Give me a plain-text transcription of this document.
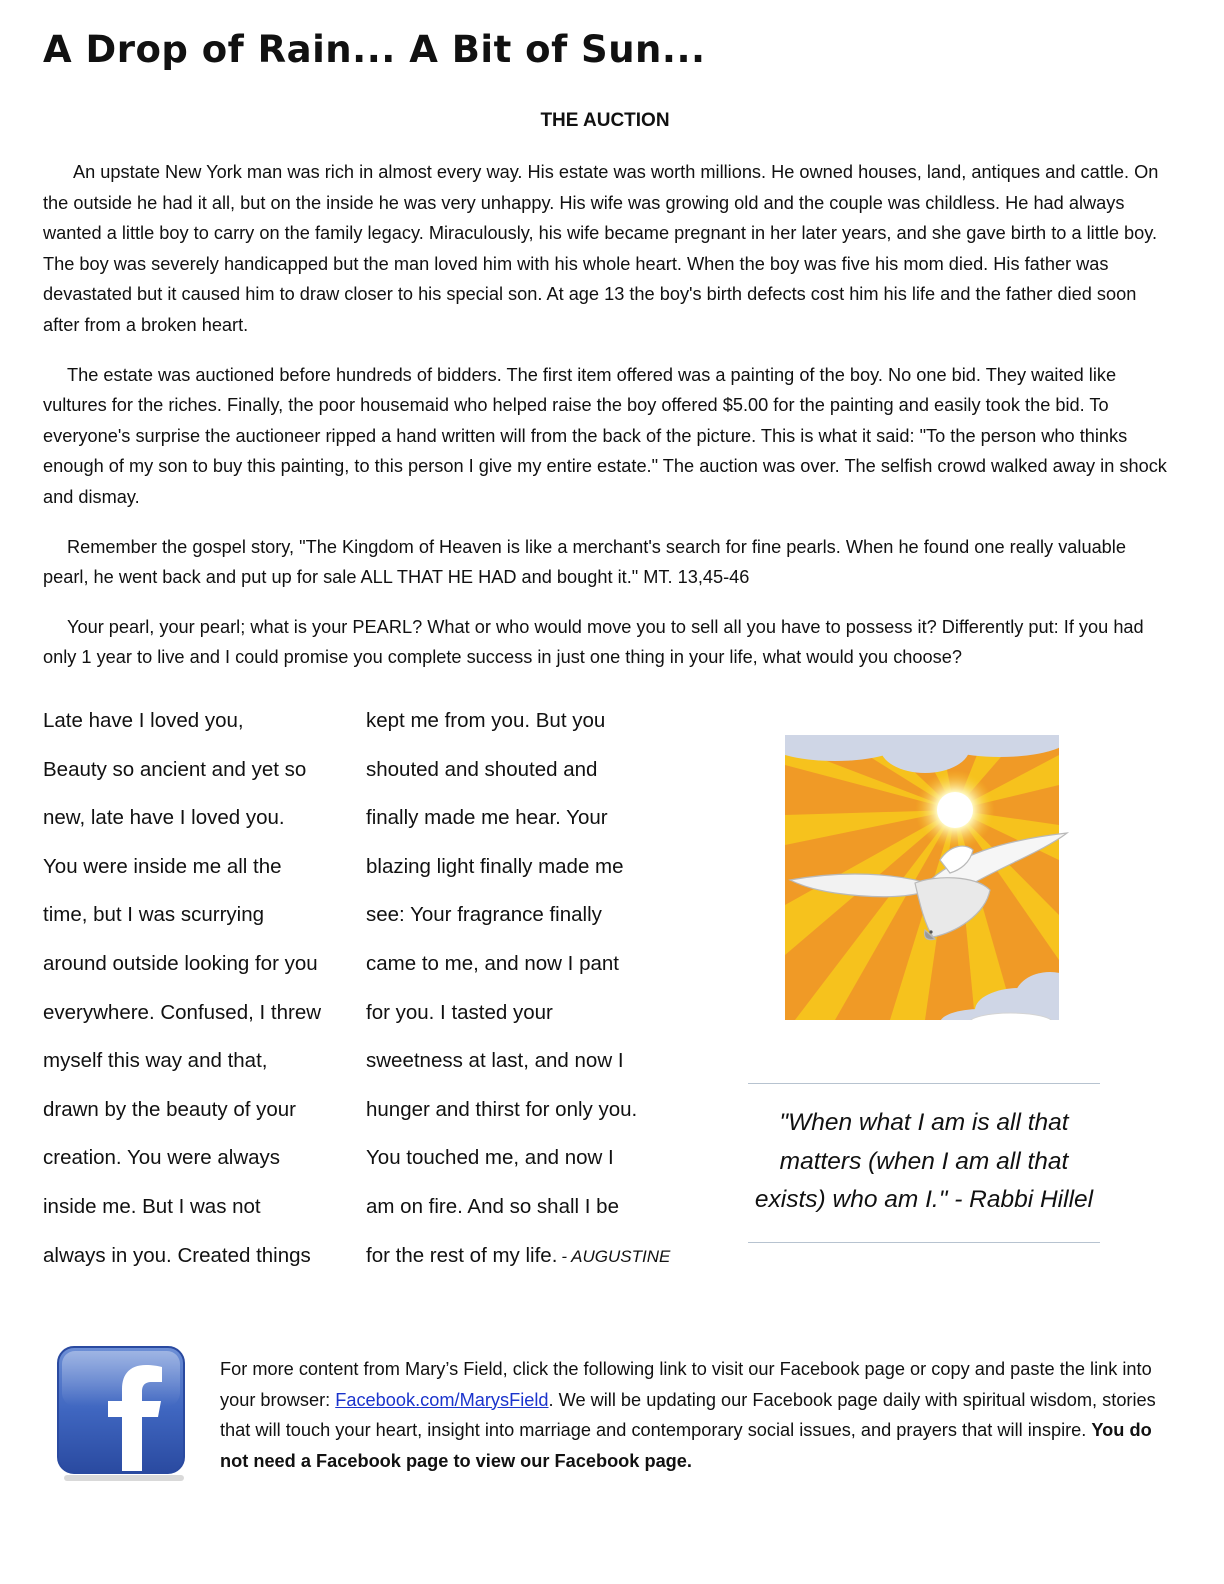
A Drop of Rain... A Bit of Sun...
THE AUCTION

An upstate New York man was rich in almost every way. His estate was worth millions. He owned houses, land, antiques and cattle. On the outside he had it all, but on the inside he was very unhappy. His wife was growing old and the couple was childless. He had always wanted a little boy to carry on the family legacy. Miraculously, his wife became pregnant in her later years, and she gave birth to a little boy. The boy was severely handicapped but the man loved him with his whole heart. When the boy was five his mom died. His father was devastated but it caused him to draw closer to his special son. At age 13 the boy's birth defects cost him his life and the father died soon after from a broken heart.

The estate was auctioned before hundreds of bidders. The first item offered was a painting of the boy. No one bid. They waited like vultures for the riches. Finally, the poor housemaid who helped raise the boy offered $5.00 for the painting and easily took the bid. To everyone's surprise the auctioneer ripped a hand written will from the back of the picture. This is what it said: "To the person who thinks enough of my son to buy this painting, to this person I give my entire estate." The auction was over. The selfish crowd walked away in shock and dismay.

Remember the gospel story, "The Kingdom of Heaven is like a merchant's search for fine pearls. When he found one really valuable pearl, he went back and put up for sale ALL THAT HE HAD and bought it." MT. 13,45-46

Your pearl, your pearl; what is your PEARL? What or who would move you to sell all you have to possess it? Differently put: If you had only 1 year to live and I could promise you complete success in just one thing in your life, what would you choose?

Late have I loved you,
Beauty so ancient and yet so
new, late have I loved you.
You were inside me all the
time, but I was scurrying
around outside looking for you
everywhere. Confused, I threw
myself this way and that,
drawn by the beauty of your
creation. You were always
inside me. But I was not
always in you. Created things
kept me from you. But you
shouted and shouted and
finally made me hear. Your
blazing light finally made me
see: Your fragrance finally
came to me, and now I pant
for you. I tasted your
sweetness at last, and now I
hunger and thirst for only you.
You touched me, and now I
am on fire. And so shall I be
for the rest of my life. - AUGUSTINE
"When what I am is all that
matters (when I am all that
exists) who am I." - Rabbi Hillel
For more content from Mary’s Field, click the following link to visit our Facebook page or copy and paste the link into your browser: Facebook.com/MarysField. We will be updating our Facebook page daily with spiritual wisdom, stories that will touch your heart, insight into marriage and contemporary social issues, and prayers that will inspire. You do not need a Facebook page to view our Facebook page.
